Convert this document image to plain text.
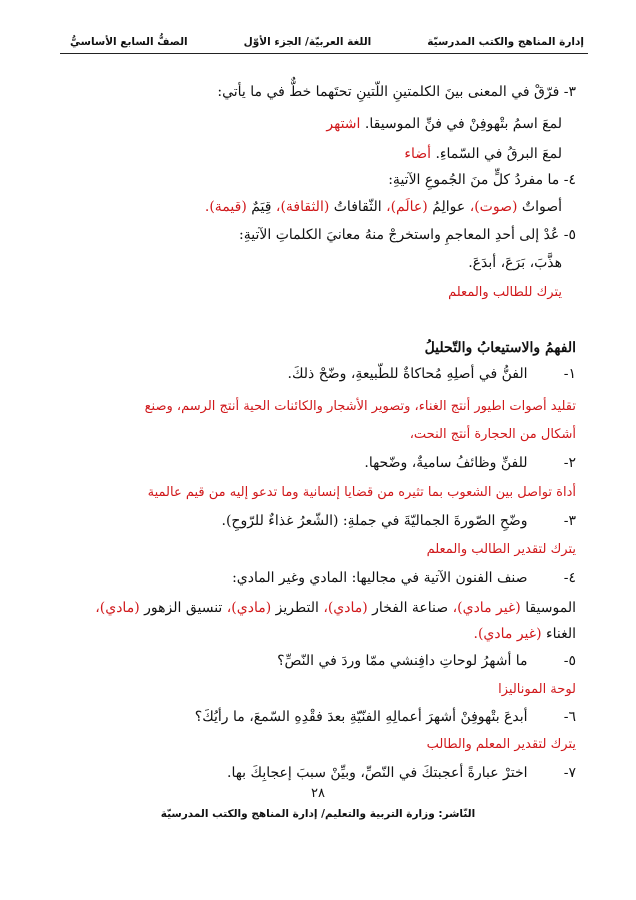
إدارة المناهج والكتب المدرسيّة
اللغة العربيّة/ الجزء الأوّل
الصفُّ السابع الأساسيُّ
٣- فرّقْ في المعنى بينَ الكلمتينِ اللّتينِ تحتَهما خطٌّ في ما يأتي:
لمعَ اسمُ بتْهوفِنْ في فنِّ الموسيقا. اشتهر
لمعَ البرقُ في السّماءِ. أضاء
٤- ما مفردُ كلٍّ منَ الجُموعِ الآتيةِ:
أصواتٌ (صوت)، عوالِمُ (عالَم)، الثّقافاتُ (الثقافة)، قِيَمٌ (قيمة).
٥- عُدْ إلى أحدِ المعاجمِ واستخرجْ منهُ معانيَ الكلماتِ الآتيةِ:
هذَّبَ، بَرَعَ، أبدَعَ.
يترك للطالب والمعلم
الفهمُ والاستيعابُ والتّحليلُ
١- الفنُّ في أصلِهِ مُحاكاةٌ للطّبيعةِ، وضّحْ ذلكَ.
تقليد أصوات اطيور أنتج الغناء، وتصوير الأشجار والكائنات الحية أنتج الرسم، وصنع
أشكال من الحجارة أنتج النحت،
٢- للفنِّ وظائفُ ساميةٌ، وضّحها.
أداة تواصل بين الشعوب بما تثيره من قضايا إنسانية وما تدعو إليه من قيم عالمية
٣- وضّحِ الصّورةَ الجماليّةَ في جملةِ: (الشّعرُ غذاءٌ للرّوحِ).
يترك لتقدير الطالب والمعلم
٤- صنف الفنون الآتية في مجاليها: المادي وغير المادي:
الموسيقا (غير مادي)، صناعة الفخار (مادي)، التطريز (مادي)، تنسيق الزهور (مادي)،
الغناء (غير مادي).
٥- ما أشهرُ لوحاتِ دافِنشي ممّا وردَ في النّصِّ؟
لوحة الموناليزا
٦- أبدعَ بتْهوفِنْ أشهرَ أعمالِهِ الفنّيّةِ بعدَ فقْدِهِ السّمعَ، ما رأيُكَ؟
يترك لتقدير المعلم والطالب
٧- اخترْ عبارةً أعجبتكَ في النّصِّ، وبيِّنْ سببَ إعجابِكَ بها.
٢٨
النّاشر: وزارة التربية والتعليم/ إدارة المناهج والكتب المدرسيّة
